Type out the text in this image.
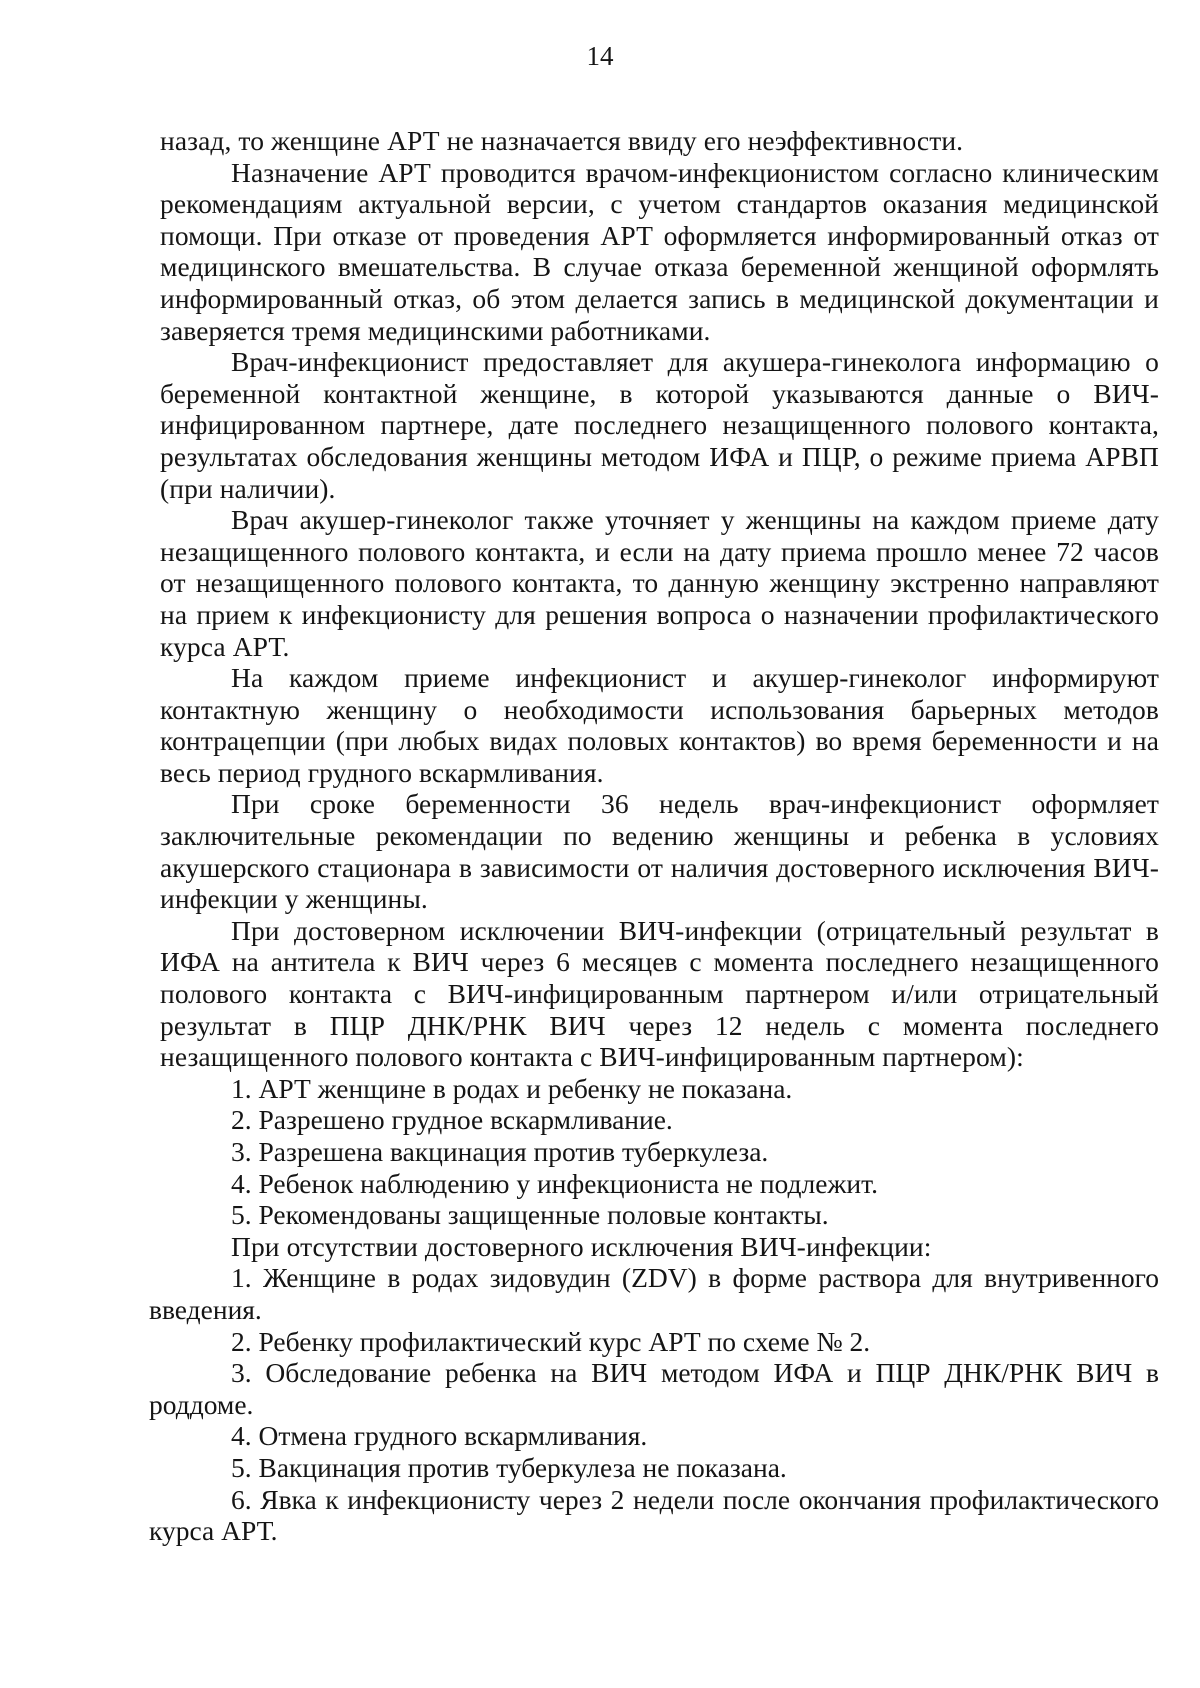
14

назад, то женщине АРТ не назначается ввиду его неэффективности.

Назначение АРТ проводится врачом-инфекционистом согласно клиническим рекомендациям актуальной версии, с учетом стандартов оказания медицинской помощи. При отказе от проведения АРТ оформляется информированный отказ от медицинского вмешательства. В случае отказа беременной женщиной оформлять информированный отказ, об этом делается запись в медицинской документации и заверяется тремя медицинскими работниками.

Врач-инфекционист предоставляет для акушера-гинеколога информацию о беременной контактной женщине, в которой указываются данные о ВИЧ-инфицированном партнере, дате последнего незащищенного полового контакта, результатах обследования женщины методом ИФА и ПЦР, о режиме приема АРВП (при наличии).

Врач акушер-гинеколог также уточняет у женщины на каждом приеме дату незащищенного полового контакта, и если на дату приема прошло менее 72 часов от незащищенного полового контакта, то данную женщину экстренно направляют на прием к инфекционисту для решения вопроса о назначении профилактического курса АРТ.

На каждом приеме инфекционист и акушер-гинеколог информируют контактную женщину о необходимости использования барьерных методов контрацепции (при любых видах половых контактов) во время беременности и на весь период грудного вскармливания.

При сроке беременности 36 недель врач-инфекционист оформляет заключительные рекомендации по ведению женщины и ребенка в условиях акушерского стационара в зависимости от наличия достоверного исключения ВИЧ-инфекции у женщины.

При достоверном исключении ВИЧ-инфекции (отрицательный результат в ИФА на антитела к ВИЧ через 6 месяцев с момента последнего незащищенного полового контакта с ВИЧ-инфицированным партнером и/или отрицательный результат в ПЦР ДНК/РНК ВИЧ через 12 недель с момента последнего незащищенного полового контакта с ВИЧ-инфицированным партнером):

1. АРТ женщине в родах и ребенку не показана.

2. Разрешено грудное вскармливание.

3. Разрешена вакцинация против туберкулеза.

4. Ребенок наблюдению у инфекциониста не подлежит.

5. Рекомендованы защищенные половые контакты.

При отсутствии достоверного исключения ВИЧ-инфекции:

1. Женщине в родах зидовудин (ZDV) в форме раствора для внутривенного введения.

2. Ребенку профилактический курс АРТ по схеме № 2.

3. Обследование ребенка на ВИЧ методом ИФА и ПЦР ДНК/РНК ВИЧ в роддоме.

4. Отмена грудного вскармливания.

5. Вакцинация против туберкулеза не показана.

6. Явка к инфекционисту через 2 недели после окончания профилактического курса АРТ.
